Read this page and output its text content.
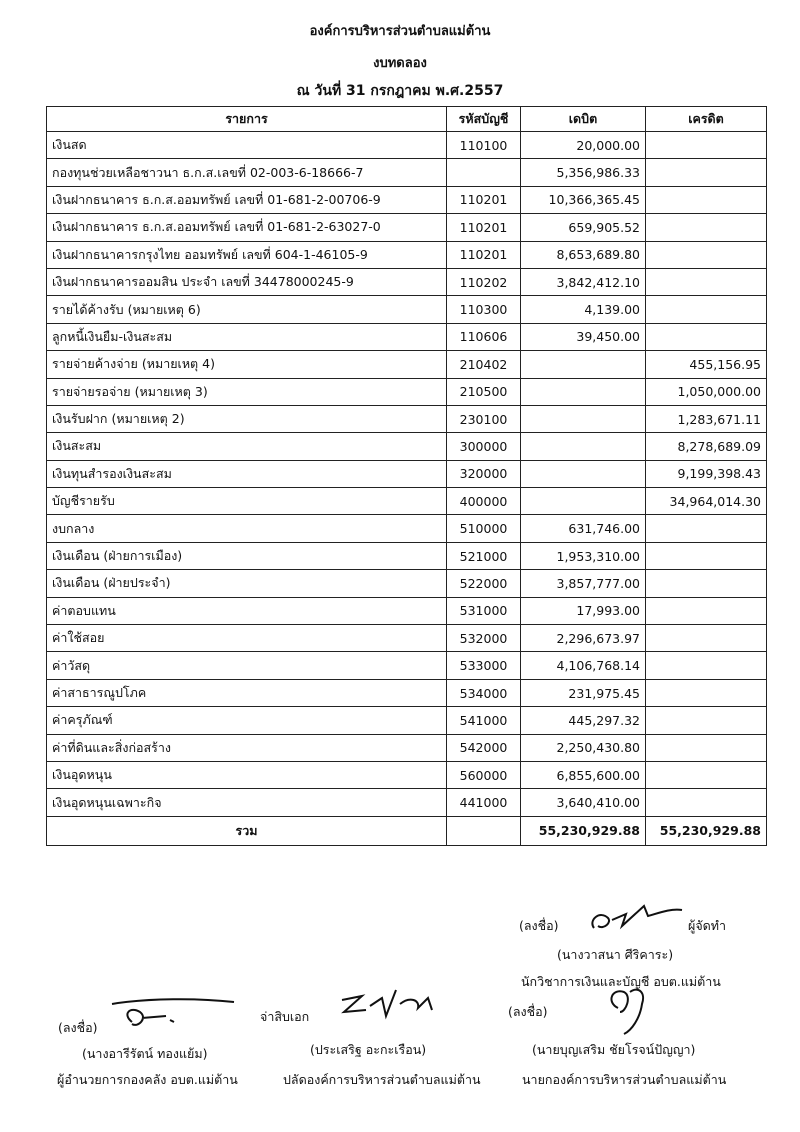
องค์การบริหารส่วนตำบลแม่ต้าน
งบทดลอง
ณ วันที่ 31 กรกฎาคม พ.ศ.2557
รายการ	รหัสบัญชี	เดบิต	เครดิต
เงินสด	110100	20,000.00	
กองทุนช่วยเหลือชาวนา ธ.ก.ส.เลขที่ 02-003-6-18666-7		5,356,986.33	
เงินฝากธนาคาร ธ.ก.ส.ออมทรัพย์ เลขที่ 01-681-2-00706-9	110201	10,366,365.45	
เงินฝากธนาคาร ธ.ก.ส.ออมทรัพย์ เลขที่ 01-681-2-63027-0	110201	659,905.52	
เงินฝากธนาคารกรุงไทย ออมทรัพย์ เลขที่ 604-1-46105-9	110201	8,653,689.80	
เงินฝากธนาคารออมสิน ประจำ เลขที่ 34478000245-9	110202	3,842,412.10	
รายได้ค้างรับ (หมายเหตุ 6)	110300	4,139.00	
ลูกหนี้เงินยืม-เงินสะสม	110606	39,450.00	
รายจ่ายค้างจ่าย (หมายเหตุ 4)	210402		455,156.95
รายจ่ายรอจ่าย (หมายเหตุ 3)	210500		1,050,000.00
เงินรับฝาก (หมายเหตุ 2)	230100		1,283,671.11
เงินสะสม	300000		8,278,689.09
เงินทุนสำรองเงินสะสม	320000		9,199,398.43
บัญชีรายรับ	400000		34,964,014.30
งบกลาง	510000	631,746.00	
เงินเดือน (ฝ่ายการเมือง)	521000	1,953,310.00	
เงินเดือน (ฝ่ายประจำ)	522000	3,857,777.00	
ค่าตอบแทน	531000	17,993.00	
ค่าใช้สอย	532000	2,296,673.97	
ค่าวัสดุ	533000	4,106,768.14	
ค่าสาธารณูปโภค	534000	231,975.45	
ค่าครุภัณฑ์	541000	445,297.32	
ค่าที่ดินและสิ่งก่อสร้าง	542000	2,250,430.80	
เงินอุดหนุน	560000	6,855,600.00	
เงินอุดหนุนเฉพาะกิจ	441000	3,640,410.00	
รวม		55,230,929.88	55,230,929.88
(ลงชื่อ)	ผู้จัดทำ
(นางวาสนา ศีริคาระ)
นักวิชาการเงินและบัญชี อบต.แม่ต้าน
(ลงชื่อ)
(นางอารีรัตน์ ทองแย้ม)
ผู้อำนวยการกองคลัง อบต.แม่ต้าน
จ่าสิบเอก
(ประเสริฐ อะกะเรือน)
ปลัดองค์การบริหารส่วนตำบลแม่ต้าน
(ลงชื่อ)
(นายบุญเสริม ชัยโรจน์ปัญญา)
นายกองค์การบริหารส่วนตำบลแม่ต้าน
